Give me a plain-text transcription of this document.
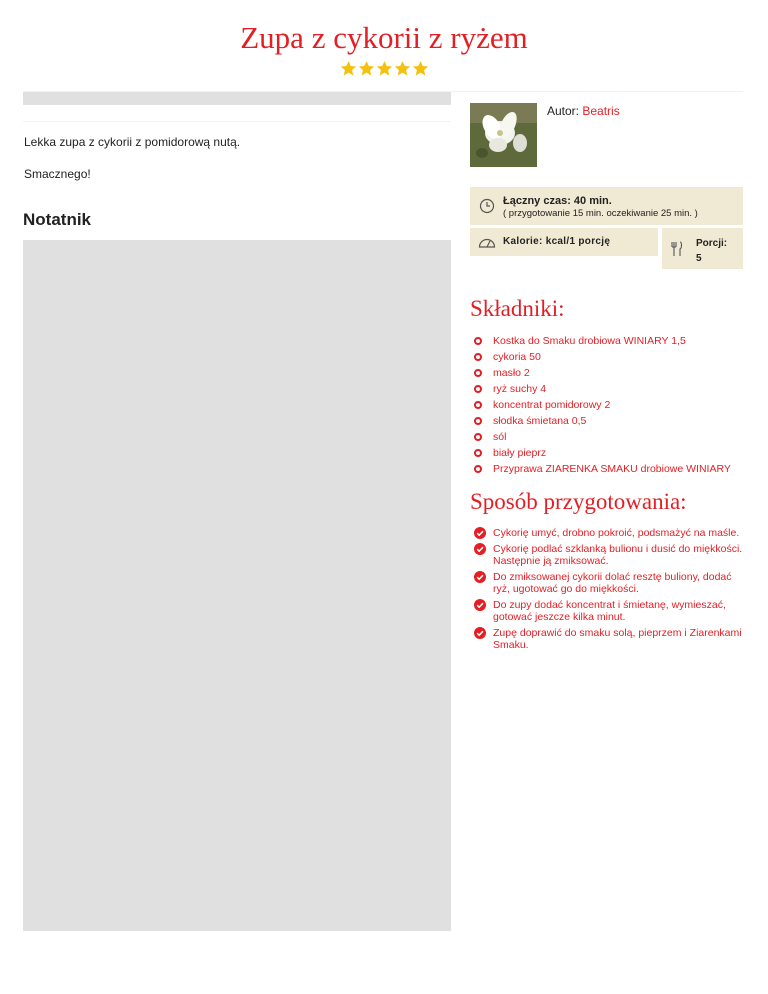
Zupa z cykorii z ryżem

Lekka zupa z cykorii z pomidorową nutą.

Smacznego!

Notatnik
Autor: Beatris
Łączny czas: 40 min.
( przygotowanie 15 min. oczekiwanie 25 min. )
Kalorie: kcal/1 porcję	Porcji:
5
Składniki:
Kostka do Smaku drobiowa WINIARY 1,5
cykoria 50
masło 2
ryż suchy 4
koncentrat pomidorowy 2
słodka śmietana 0,5
sól
biały pieprz
Przyprawa ZIARENKA SMAKU drobiowe WINIARY
Sposób przygotowania:
Cykorię umyć, drobno pokroić, podsmażyć na maśle.
Cykorię podlać szklanką bulionu i dusić do miękkości. Następnie ją zmiksować.
Do zmiksowanej cykorii dolać resztę buliony, dodać ryż, ugotować go do miękkości.
Do zupy dodać koncentrat i śmietanę, wymieszać, gotować jeszcze kilka minut.
Zupę doprawić do smaku solą, pieprzem i Ziarenkami Smaku.
